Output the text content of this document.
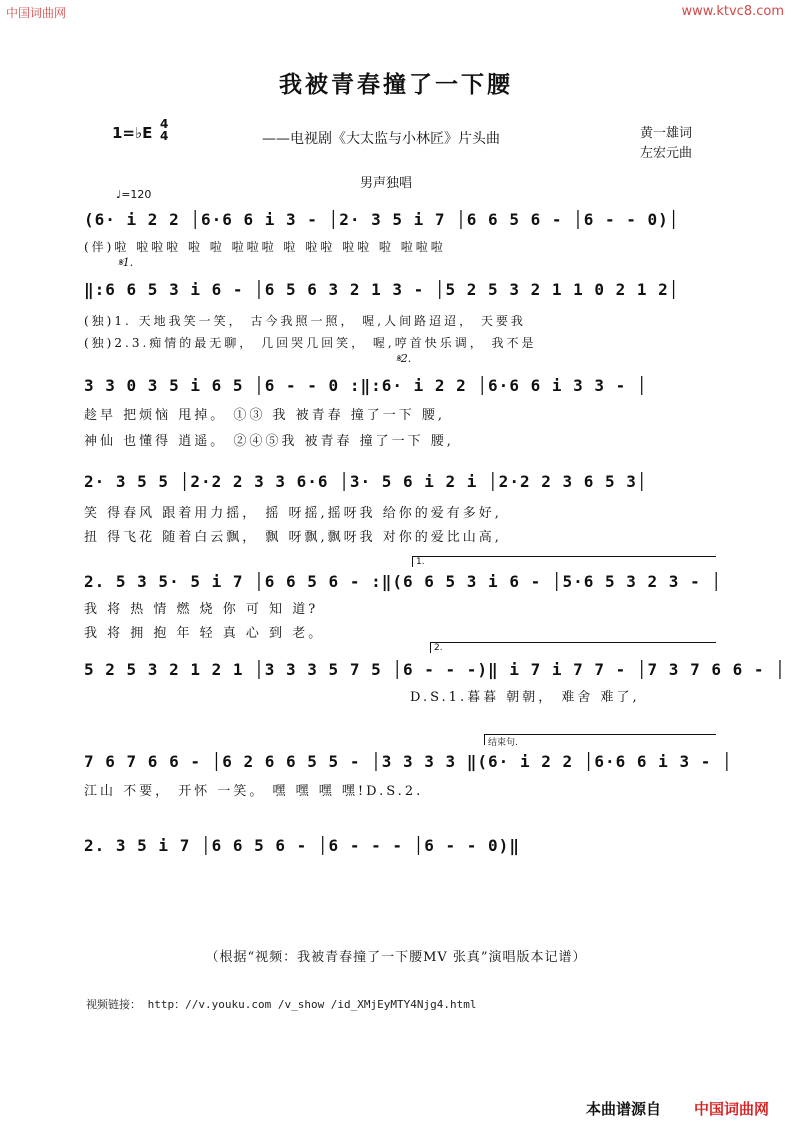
中国词曲网	www.ktvc8.com
我被青春撞了一下腰
1=♭E 4
4	——电视剧《大太监与小林匠》片头曲	黄一雄词
左宏元曲
男声独唱
♩=120
(6· i 2 2 │6·6 6 i 3 - │2· 3 5 i 7 │6 6 5 6 - │6 - - 0)│
(伴)啦 啦啦啦 啦 啦 啦啦啦 啦 啦啦 啦啦 啦 啦啦啦
𝄋1.
‖:6 6 5 3 i 6 - │6 5 6 3 2 1 3 - │5 2 5 3 2 1 1 0 2 1 2│
(独)1. 天地我笑一笑， 古今我照一照， 喔,人间路迢迢， 天要我
(独)2.3.痴情的最无聊， 几回哭几回笑， 喔,哼首快乐调， 我不是
𝄋2.
3 3 0 3 5 i 6 5 │6 - - 0 :‖:6· i 2 2 │6·6 6 i 3 3 - │
趁早 把烦恼 甩掉。 ①③ 我 被青春 撞了一下 腰,
神仙 也懂得 逍遥。 ②④⑤我 被青春 撞了一下 腰,
2· 3 5 5 │2·2 2 3 3 6·6 │3· 5 6 i 2 i │2·2 2 3 6 5 3│
笑 得春风 跟着用力摇， 摇 呀摇,摇呀我 给你的爱有多好,
扭 得飞花 随着白云飘， 飘 呀飘,飘呀我 对你的爱比山高,
1.
2. 5 3 5· 5 i 7 │6 6 5 6 - :‖(6 6 5 3 i 6 - │5·6 5 3 2 3 - │
我 将 热 情 燃 烧 你 可 知 道?
我 将 拥 抱 年 轻 真 心 到 老。
2.
5 2 5 3 2 1 2 1 │3 3 3 5 7 5 │6 - - -)‖ i 7 i 7 7 - │7 3 7 6 6 - │
D.S.1.暮暮 朝朝， 难舍 难了,
结束句.
7 6 7 6 6 - │6 2 6 6 5 5 - │3 3 3 3 ‖(6· i 2 2 │6·6 6 i 3 - │
江山 不要， 开怀 一笑。 嘿 嘿 嘿 嘿!D.S.2.
2. 3 5 i 7 │6 6 5 6 - │6 - - - │6 - - 0)‖
（根据“视频：我被青春撞了一下腰MV 张真”演唱版本记谱）
视频链接： http：//v.youku.com /v_show /id_XMjEyMTY4Njg4.html
本曲谱源自 中国词曲网
